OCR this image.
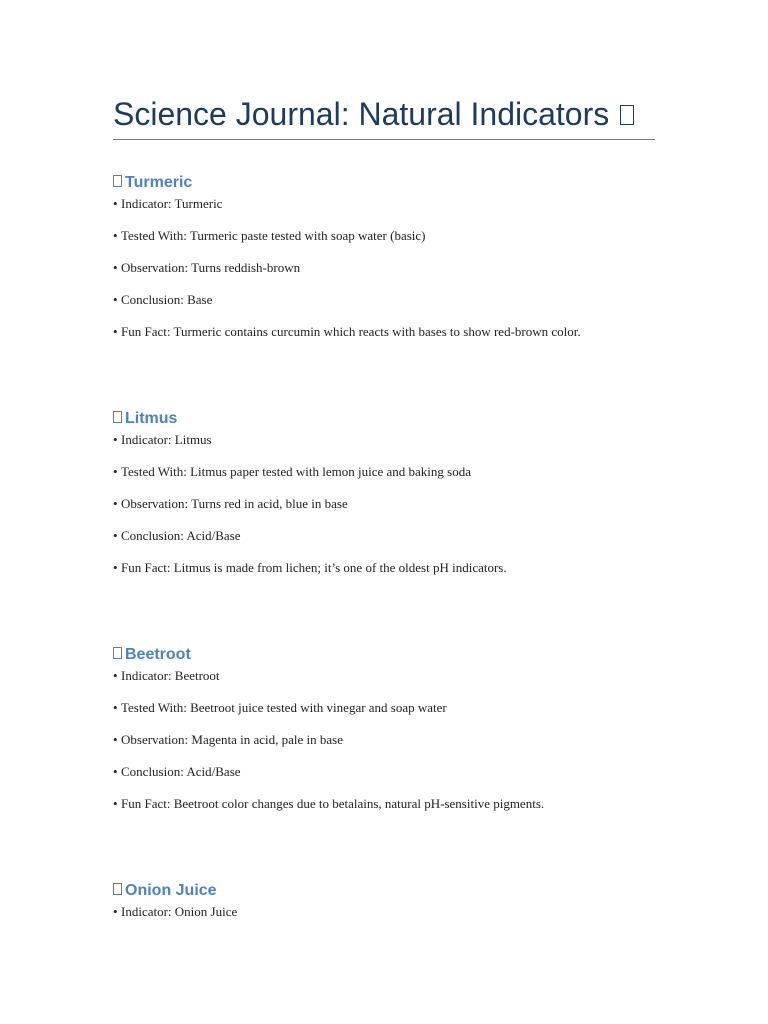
Science Journal: Natural Indicators
Turmeric
• Indicator: Turmeric
• Tested With: Turmeric paste tested with soap water (basic)
• Observation: Turns reddish-brown
• Conclusion: Base
• Fun Fact: Turmeric contains curcumin which reacts with bases to show red-brown color.
Litmus
• Indicator: Litmus
• Tested With: Litmus paper tested with lemon juice and baking soda
• Observation: Turns red in acid, blue in base
• Conclusion: Acid/Base
• Fun Fact: Litmus is made from lichen; it’s one of the oldest pH indicators.
Beetroot
• Indicator: Beetroot
• Tested With: Beetroot juice tested with vinegar and soap water
• Observation: Magenta in acid, pale in base
• Conclusion: Acid/Base
• Fun Fact: Beetroot color changes due to betalains, natural pH-sensitive pigments.
Onion Juice
• Indicator: Onion Juice
